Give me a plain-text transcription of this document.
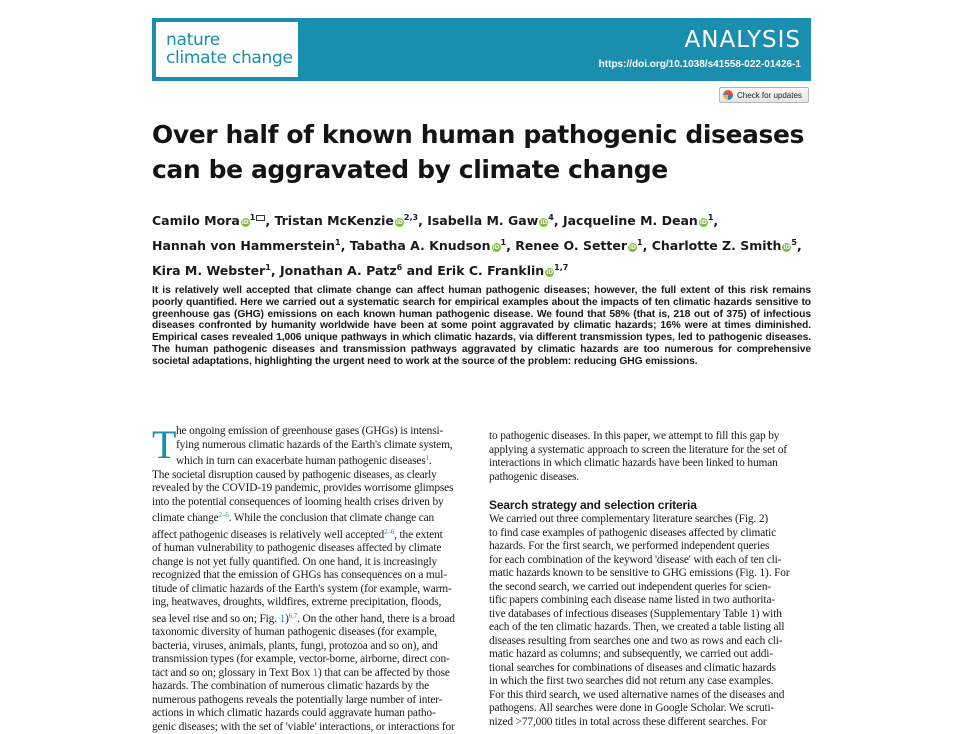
nature
climate change
ANALYSIS
https://doi.org/10.1038/s41558-022-01426-1
Check for updates
Over half of known human pathogenic diseases
can be aggravated by climate change
Camilo Mora iD$^1$ , Tristan McKenzie iD$^{2,3}$, Isabella M. Gaw iD$^4$, Jacqueline M. Dean iD$^1$,
Hannah von Hammerstein$^1$, Tabatha A. Knudson iD$^1$, Renee O. Setter iD$^1$, Charlotte Z. Smith iD$^5$,
Kira M. Webster$^1$, Jonathan A. Patz$^6$ and Erik C. Franklin iD$^{1,7}$

It is relatively well accepted that climate change can affect human pathogenic diseases; however, the full extent of this risk remains poorly quantified. Here we carried out a systematic search for empirical examples about the impacts of ten climatic hazards sensitive to greenhouse gas (GHG) emissions on each known human pathogenic disease. We found that 58% (that is, 218 out of 375) of infectious diseases confronted by humanity worldwide have been at some point aggravated by climatic hazards; 16% were at times diminished. Empirical cases revealed 1,006 unique pathways in which climatic hazards, via different transmission types, led to pathogenic diseases. The human pathogenic diseases and transmission pathways aggravated by climatic hazards are too numerous for comprehensive societal adaptations, highlighting the urgent need to work at the source of the problem: reducing GHG emissions.

T he ongoing emission of greenhouse gases (GHGs) is intensi-
fying numerous climatic hazards of the Earth's climate system,
which in turn can exacerbate human pathogenic diseases$^1$.
The societal disruption caused by pathogenic diseases, as clearly
revealed by the COVID-19 pandemic, provides worrisome glimpses
into the potential consequences of looming health crises driven by
climate change$^{2-6}$. While the conclusion that climate change can
affect pathogenic diseases is relatively well accepted$^{2-6}$, the extent
of human vulnerability to pathogenic diseases affected by climate
change is not yet fully quantified. On one hand, it is increasingly
recognized that the emission of GHGs has consequences on a mul-
titude of climatic hazards of the Earth's system (for example, warm-
ing, heatwaves, droughts, wildfires, extreme precipitation, floods,
sea level rise and so on; Fig. 1)$^{6,7}$. On the other hand, there is a broad
taxonomic diversity of human pathogenic diseases (for example,
bacteria, viruses, animals, plants, fungi, protozoa and so on), and
transmission types (for example, vector-borne, airborne, direct con-
tact and so on; glossary in Text Box 1) that can be affected by those
hazards. The combination of numerous climatic hazards by the
numerous pathogens reveals the potentially large number of inter-
actions in which climatic hazards could aggravate human patho-
genic diseases; with the set of 'viable' interactions, or interactions for
to pathogenic diseases. In this paper, we attempt to fill this gap by
applying a systematic approach to screen the literature for the set of
interactions in which climatic hazards have been linked to human
pathogenic diseases.
Search strategy and selection criteria
We carried out three complementary literature searches (Fig. 2)
to find case examples of pathogenic diseases affected by climatic
hazards. For the first search, we performed independent queries
for each combination of the keyword 'disease' with each of ten cli-
matic hazards known to be sensitive to GHG emissions (Fig. 1). For
the second search, we carried out independent queries for scien-
tific papers combining each disease name listed in two authorita-
tive databases of infectious diseases (Supplementary Table 1) with
each of the ten climatic hazards. Then, we created a table listing all
diseases resulting from searches one and two as rows and each cli-
matic hazard as columns; and subsequently, we carried out addi-
tional searches for combinations of diseases and climatic hazards
in which the first two searches did not return any case examples.
For this third search, we used alternative names of the diseases and
pathogens. All searches were done in Google Scholar. We scruti-
nized >77,000 titles in total across these different searches. For
